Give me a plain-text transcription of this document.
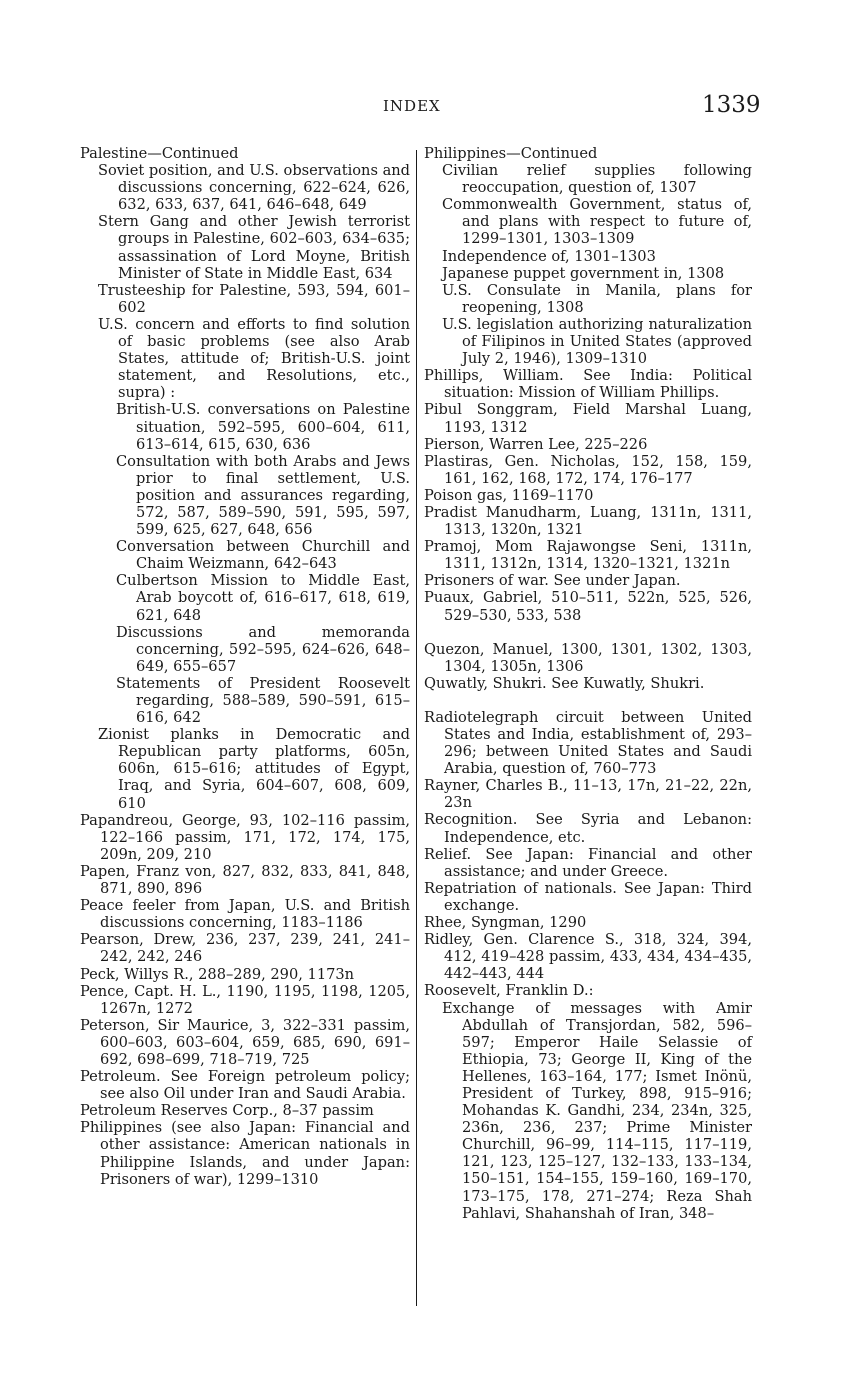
INDEX	1339
Palestine—Continued
Soviet position, and U.S. observations and discussions concerning, 622–624, 626, 632, 633, 637, 641, 646–648, 649
Stern Gang and other Jewish terrorist groups in Palestine, 602–603, 634–635; assassination of Lord Moyne, British Minister of State in Middle East, 634
Trusteeship for Palestine, 593, 594, 601–602
U.S. concern and efforts to find solution of basic problems (see also Arab States, attitude of; British-U.S. joint statement, and Resolutions, etc., supra) :
British-U.S. conversations on Palestine situation, 592–595, 600–604, 611, 613–614, 615, 630, 636
Consultation with both Arabs and Jews prior to final settlement, U.S. position and assurances regarding, 572, 587, 589–590, 591, 595, 597, 599, 625, 627, 648, 656
Conversation between Churchill and Chaim Weizmann, 642–643
Culbertson Mission to Middle East, Arab boycott of, 616–617, 618, 619, 621, 648
Discussions and memoranda concerning, 592–595, 624–626, 648–649, 655–657
Statements of President Roosevelt regarding, 588–589, 590–591, 615–616, 642
Zionist planks in Democratic and Republican party platforms, 605n, 606n, 615–616; attitudes of Egypt, Iraq, and Syria, 604–607, 608, 609, 610
Papandreou, George, 93, 102–116 passim, 122–166 passim, 171, 172, 174, 175, 209n, 209, 210
Papen, Franz von, 827, 832, 833, 841, 848, 871, 890, 896
Peace feeler from Japan, U.S. and British discussions concerning, 1183–1186
Pearson, Drew, 236, 237, 239, 241, 241–242, 242, 246
Peck, Willys R., 288–289, 290, 1173n
Pence, Capt. H. L., 1190, 1195, 1198, 1205, 1267n, 1272
Peterson, Sir Maurice, 3, 322–331 passim, 600–603, 603–604, 659, 685, 690, 691–692, 698–699, 718–719, 725
Petroleum. See Foreign petroleum policy; see also Oil under Iran and Saudi Arabia.
Petroleum Reserves Corp., 8–37 passim
Philippines (see also Japan: Financial and other assistance: American nationals in Philippine Islands, and under Japan: Prisoners of war), 1299–1310
Philippines—Continued
Civilian relief supplies following reoccupation, question of, 1307
Commonwealth Government, status of, and plans with respect to future of, 1299–1301, 1303–1309
Independence of, 1301–1303
Japanese puppet government in, 1308
U.S. Consulate in Manila, plans for reopening, 1308
U.S. legislation authorizing naturalization of Filipinos in United States (approved July 2, 1946), 1309–1310
Phillips, William. See India: Political situation: Mission of William Phillips.
Pibul Songgram, Field Marshal Luang, 1193, 1312
Pierson, Warren Lee, 225–226
Plastiras, Gen. Nicholas, 152, 158, 159, 161, 162, 168, 172, 174, 176–177
Poison gas, 1169–1170
Pradist Manudharm, Luang, 1311n, 1311, 1313, 1320n, 1321
Pramoj, Mom Rajawongse Seni, 1311n, 1311, 1312n, 1314, 1320–1321, 1321n
Prisoners of war. See under Japan.
Puaux, Gabriel, 510–511, 522n, 525, 526, 529–530, 533, 538
Quezon, Manuel, 1300, 1301, 1302, 1303, 1304, 1305n, 1306
Quwatly, Shukri. See Kuwatly, Shukri.
Radiotelegraph circuit between United States and India, establishment of, 293–296; between United States and Saudi Arabia, question of, 760–773
Rayner, Charles B., 11–13, 17n, 21–22, 22n, 23n
Recognition. See Syria and Lebanon: Independence, etc.
Relief. See Japan: Financial and other assistance; and under Greece.
Repatriation of nationals. See Japan: Third exchange.
Rhee, Syngman, 1290
Ridley, Gen. Clarence S., 318, 324, 394, 412, 419–428 passim, 433, 434, 434–435, 442–443, 444
Roosevelt, Franklin D.:
Exchange of messages with Amir Abdullah of Transjordan, 582, 596–597; Emperor Haile Selassie of Ethiopia, 73; George II, King of the Hellenes, 163–164, 177; Ismet Inönü, President of Turkey, 898, 915–916; Mohandas K. Gandhi, 234, 234n, 325, 236n, 236, 237; Prime Minister Churchill, 96–99, 114–115, 117–119, 121, 123, 125–127, 132–133, 133–134, 150–151, 154–155, 159–160, 169–170, 173–175, 178, 271–274; Reza Shah Pahlavi, Shahanshah of Iran, 348–
